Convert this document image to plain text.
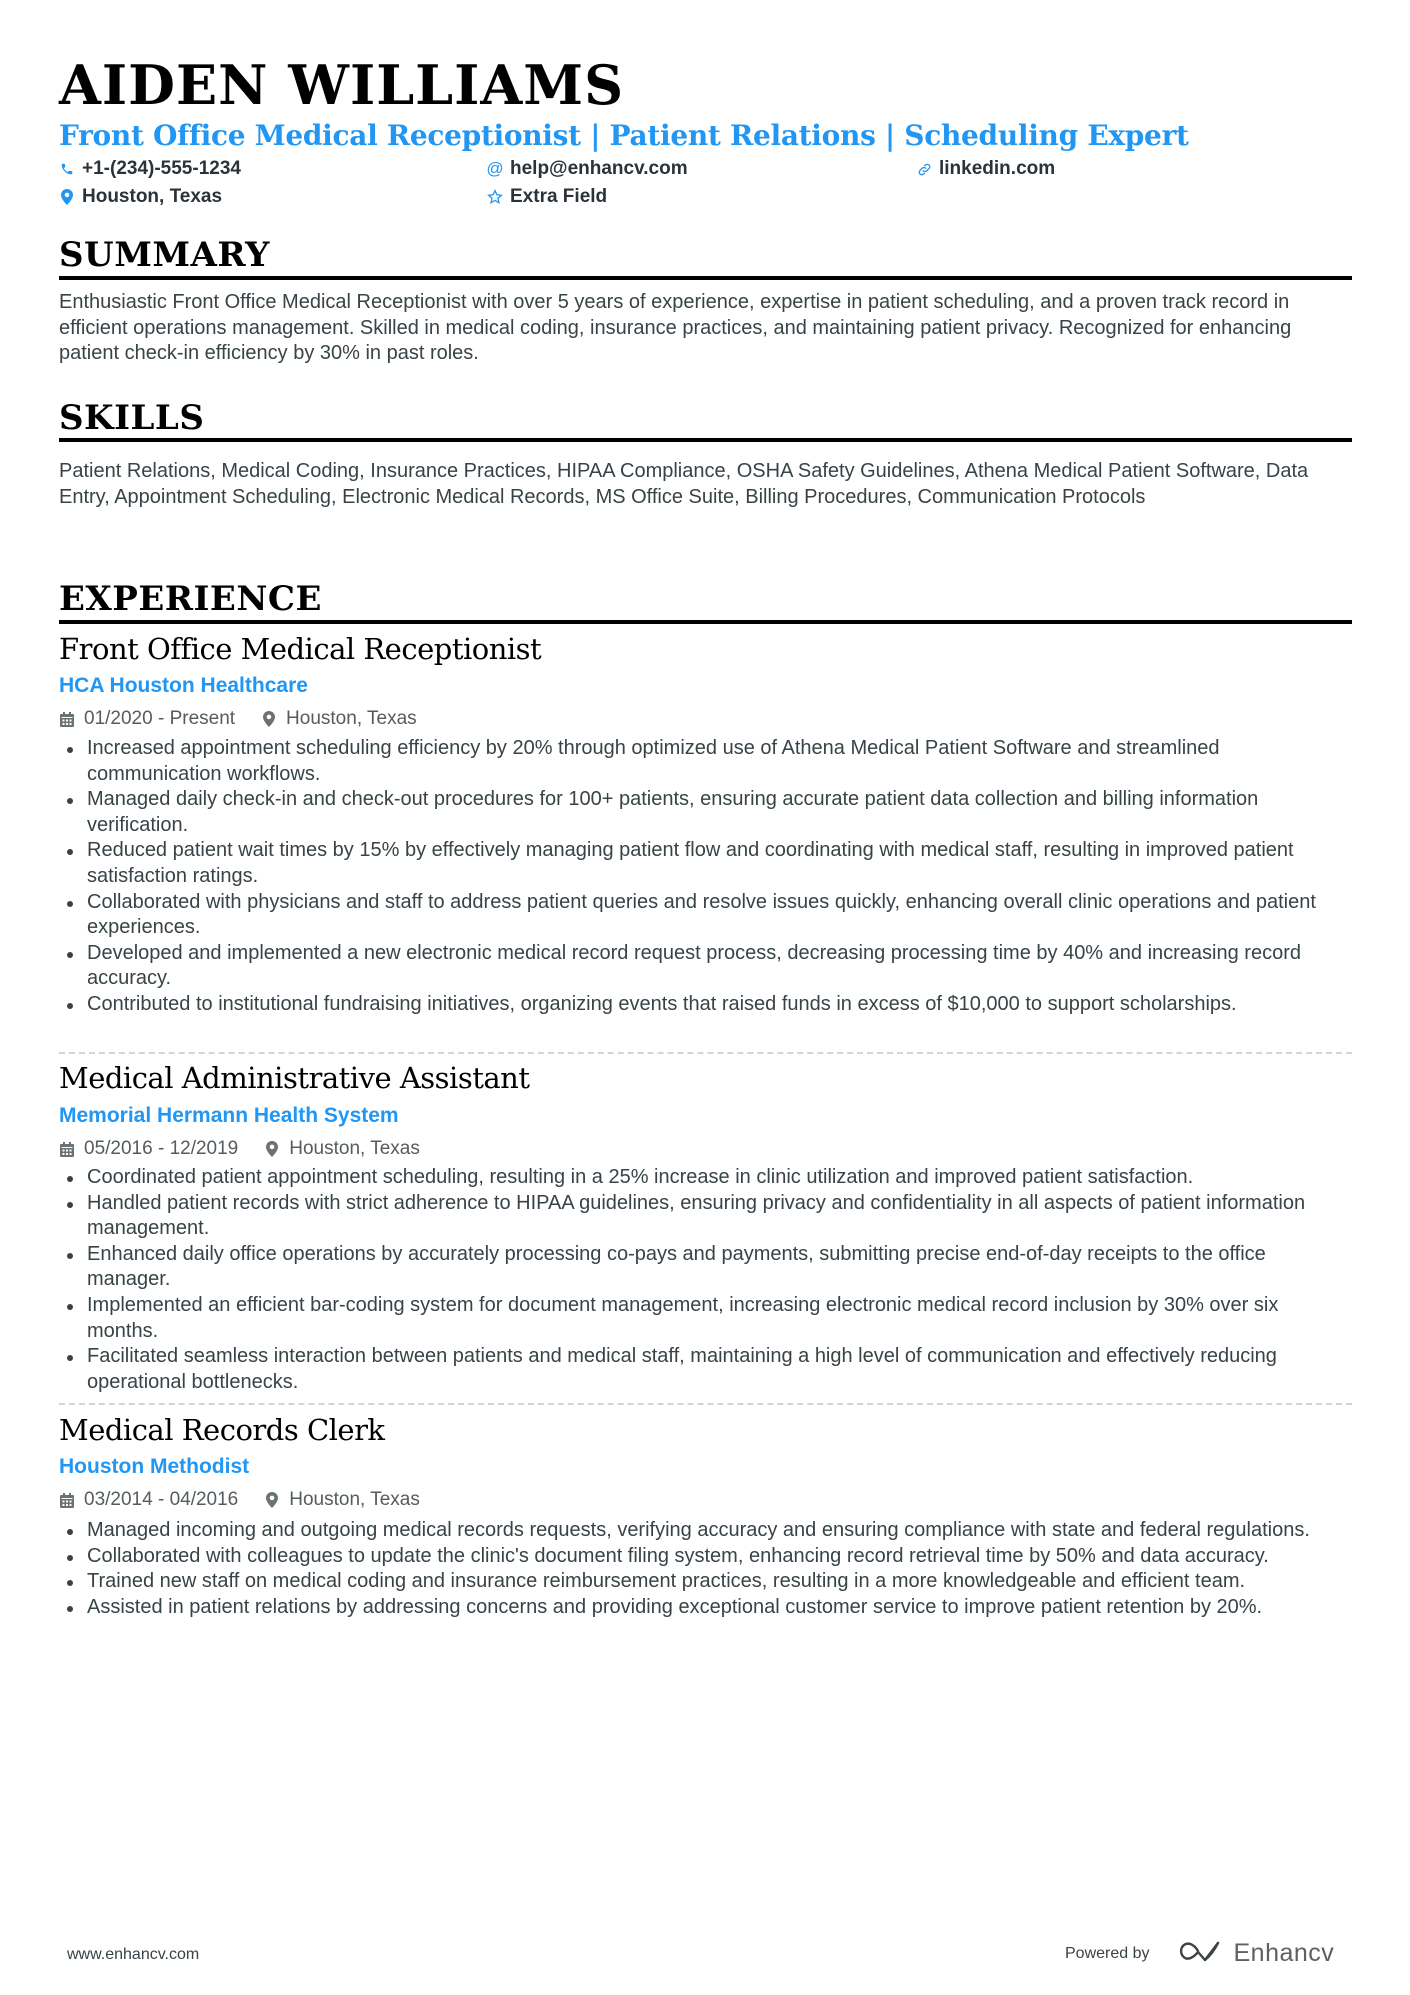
AIDEN WILLIAMS
Front Office Medical Receptionist | Patient Relations | Scheduling Expert
+1-(234)-555-1234	@ help@enhancv.com	linkedin.com
Houston, Texas	Extra Field
SUMMARY
Enthusiastic Front Office Medical Receptionist with over 5 years of experience, expertise in patient scheduling, and a proven track record in efficient operations management. Skilled in medical coding, insurance practices, and maintaining patient privacy. Recognized for enhancing patient check-in efficiency by 30% in past roles.
SKILLS
Patient Relations, Medical Coding, Insurance Practices, HIPAA Compliance, OSHA Safety Guidelines, Athena Medical Patient Software, Data Entry, Appointment Scheduling, Electronic Medical Records, MS Office Suite, Billing Procedures, Communication Protocols
EXPERIENCE
Front Office Medical Receptionist
HCA Houston Healthcare
01/2020 - Present	Houston, Texas
Increased appointment scheduling efficiency by 20% through optimized use of Athena Medical Patient Software and streamlined communication workflows.
Managed daily check-in and check-out procedures for 100+ patients, ensuring accurate patient data collection and billing information verification.
Reduced patient wait times by 15% by effectively managing patient flow and coordinating with medical staff, resulting in improved patient satisfaction ratings.
Collaborated with physicians and staff to address patient queries and resolve issues quickly, enhancing overall clinic operations and patient experiences.
Developed and implemented a new electronic medical record request process, decreasing processing time by 40% and increasing record accuracy.
Contributed to institutional fundraising initiatives, organizing events that raised funds in excess of $10,000 to support scholarships.
Medical Administrative Assistant
Memorial Hermann Health System
05/2016 - 12/2019	Houston, Texas
Coordinated patient appointment scheduling, resulting in a 25% increase in clinic utilization and improved patient satisfaction.
Handled patient records with strict adherence to HIPAA guidelines, ensuring privacy and confidentiality in all aspects of patient information management.
Enhanced daily office operations by accurately processing co-pays and payments, submitting precise end-of-day receipts to the office manager.
Implemented an efficient bar-coding system for document management, increasing electronic medical record inclusion by 30% over six months.
Facilitated seamless interaction between patients and medical staff, maintaining a high level of communication and effectively reducing operational bottlenecks.
Medical Records Clerk
Houston Methodist
03/2014 - 04/2016	Houston, Texas
Managed incoming and outgoing medical records requests, verifying accuracy and ensuring compliance with state and federal regulations.
Collaborated with colleagues to update the clinic's document filing system, enhancing record retrieval time by 50% and data accuracy.
Trained new staff on medical coding and insurance reimbursement practices, resulting in a more knowledgeable and efficient team.
Assisted in patient relations by addressing concerns and providing exceptional customer service to improve patient retention by 20%.
www.enhancv.com	Powered by	Enhancv
